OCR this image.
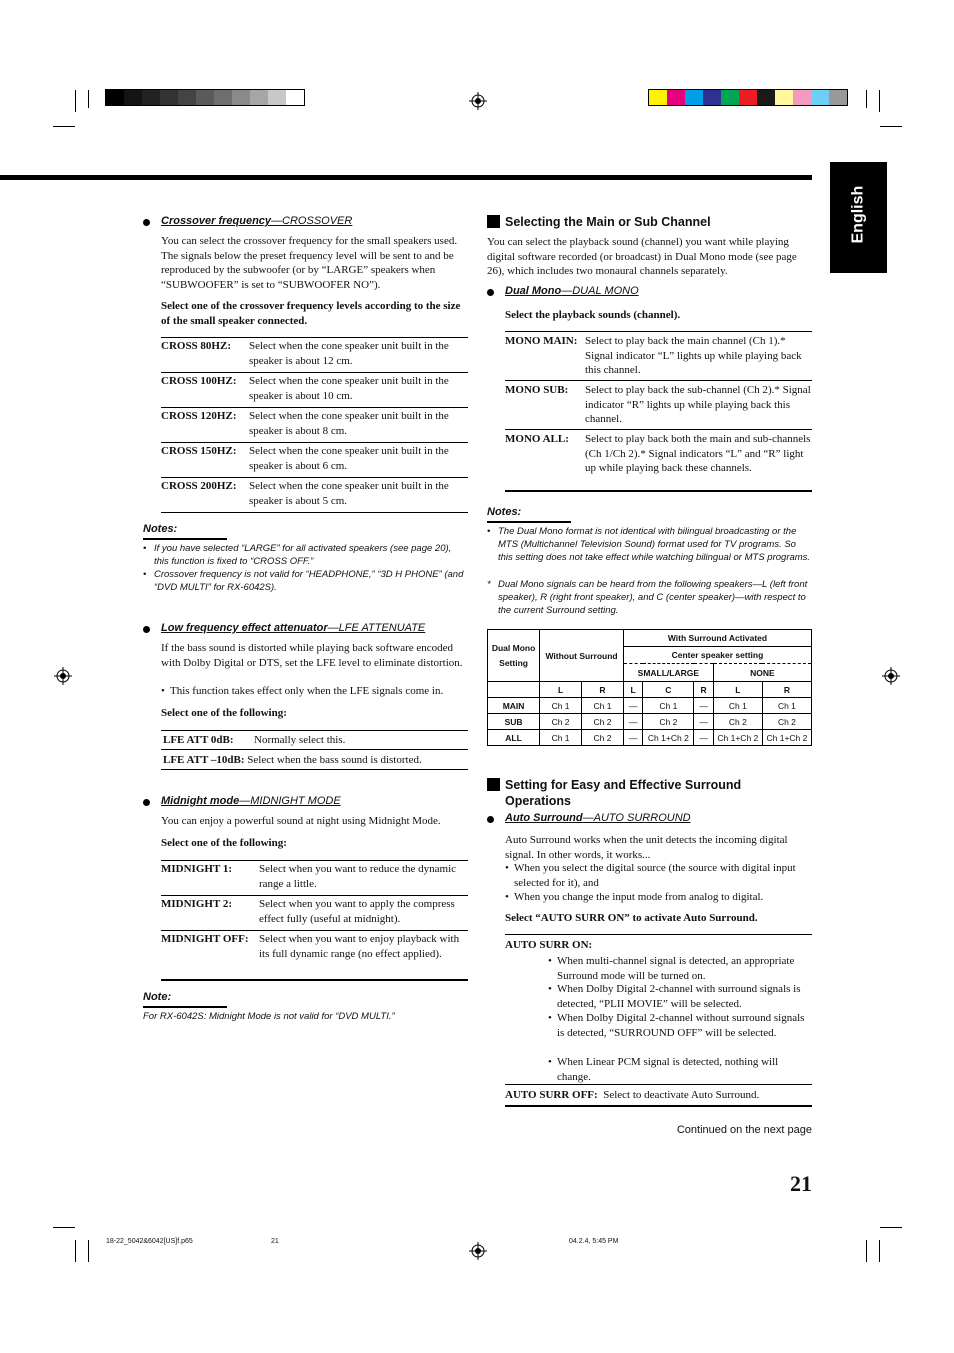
English
Crossover frequency—CROSSOVER
You can select the crossover frequency for the small speakers used. The signals below the preset frequency level will be sent to and be reproduced by the subwoofer (or by “LARGE” speakers when “SUBWOOFER” is set to “SUBWOOFER NO”).
Select one of the crossover frequency levels according to the size of the small speaker connected.
CROSS 80HZ:	Select when the cone speaker unit built in the speaker is about 12 cm.
CROSS 100HZ:	Select when the cone speaker unit built in the speaker is about 10 cm.
CROSS 120HZ:	Select when the cone speaker unit built in the speaker is about 8 cm.
CROSS 150HZ:	Select when the cone speaker unit built in the speaker is about 6 cm.
CROSS 200HZ:	Select when the cone speaker unit built in the speaker is about 5 cm.
Notes:
• If you have selected “LARGE” for all activated speakers (see page 20), this function is fixed to “CROSS OFF.”
• Crossover frequency is not valid for “HEADPHONE,” “3D H PHONE” (and “DVD MULTI” for RX-6042S).
Low frequency effect attenuator—LFE ATTENUATE
If the bass sound is distorted while playing back software encoded with Dolby Digital or DTS, set the LFE level to eliminate distortion.
• This function takes effect only when the LFE signals come in.
Select one of the following:
LFE ATT 0dB:	Normally select this.
LFE ATT –10dB: Select when the bass sound is distorted.
Midnight mode—MIDNIGHT MODE
You can enjoy a powerful sound at night using Midnight Mode.
Select one of the following:
MIDNIGHT 1:	Select when you want to reduce the dynamic range a little.
MIDNIGHT 2:	Select when you want to apply the compress effect fully (useful at midnight).
MIDNIGHT OFF: Select when you want to enjoy playback with its full dynamic range (no effect applied).
Note:
For RX-6042S: Midnight Mode is not valid for “DVD MULTI.”
Selecting the Main or Sub Channel
You can select the playback sound (channel) you want while playing digital software recorded (or broadcast) in Dual Mono mode (see page 26), which includes two monaural channels separately.
Dual Mono—DUAL MONO
Select the playback sounds (channel).
MONO MAIN: Select to play back the main channel (Ch 1).* Signal indicator “L” lights up while playing back this channel.
MONO SUB:	Select to play back the sub-channel (Ch 2).* Signal indicator “R” lights up while playing back this channel.
MONO ALL:	Select to play back both the main and sub-channels (Ch 1/Ch 2).* Signal indicators “L” and “R” light up while playing back these channels.
Notes:
• The Dual Mono format is not identical with bilingual broadcasting or the MTS (Multichannel Television Sound) format used for TV programs. So this setting does not take effect while watching bilingual or MTS programs.
* Dual Mono signals can be heard from the following speakers—L (left front speaker), R (right front speaker), and C (center speaker)—with respect to the current Surround setting.
Dual Mono Setting	Without Surround		With Surround Activated				
			Center speaker setting				
			SMALL/LARGE			NONE	
	L	R	L	C	R	L	R
MAIN	Ch 1	Ch 1	—	Ch 1	—	Ch 1	Ch 1
SUB	Ch 2	Ch 2	—	Ch 2	—	Ch 2	Ch 2
ALL	Ch 1	Ch 2	—	Ch 1+Ch 2	—	Ch 1+Ch 2	Ch 1+Ch 2
Setting for Easy and Effective Surround
Operations
Auto Surround—AUTO SURROUND
Auto Surround works when the unit detects the incoming digital signal. In other words, it works...
• When you select the digital source (the source with digital input selected for it), and
• When you change the input mode from analog to digital.
Select “AUTO SURR ON” to activate Auto Surround.
AUTO SURR ON:
• When multi-channel signal is detected, an appropriate Surround mode will be turned on.
• When Dolby Digital 2-channel with surround signals is detected, “PLII MOVIE” will be selected.
• When Dolby Digital 2-channel without surround signals is detected, “SURROUND OFF” will be selected.
• When Linear PCM signal is detected, nothing will change.
AUTO SURR OFF: Select to deactivate Auto Surround.
Continued on the next page
21
18-22_5042&6042[US]f.p65	21	04.2.4, 5:45 PM
